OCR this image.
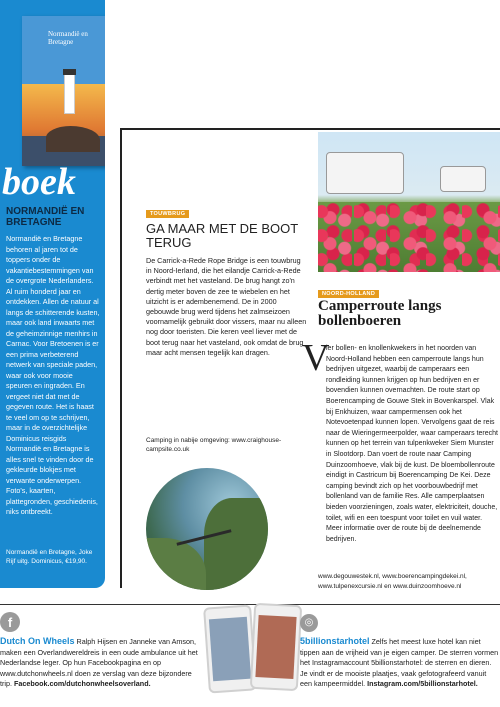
Normandië en Bretagne
boek
NORMANDIË EN BRETAGNE
Normandië en Bretagne behoren al jaren tot de toppers onder de vakantiebestemmingen van de overgrote Nederlanders. Al ruim honderd jaar en ontdekken. Allen de natuur al langs de schitterende kusten, maar ook land inwaarts met de geheimzinnige menhirs in Carnac. Voor Bretoenen is er een prima verbeterend netwerk van speciale paden, waar ook voor mooie speuren en ingraden. En vergeet niet dat met de gegeven route. Het is haast te veel om op te schrijven, maar in de overzichtelijke Dominicus reisgids Normandië en Bretagne is alles snel te vinden door de gekleurde blokjes met verwante onderwerpen. Foto's, kaarten, plattegronden, geschiedenis, niks ontbreekt.
Normandië en Bretagne, Joke Rijf uitg. Dominicus, €19,90.
TOUWBRUG
GA MAAR MET DE BOOT TERUG
De Carrick-a-Rede Rope Bridge is een touwbrug in Noord-Ierland, die het eilandje Carrick-a-Rede verbindt met het vasteland. De brug hangt zo'n dertig meter boven de zee te wiebelen en het uitzicht is er adembenemend. De in 2000 gebouwde brug werd tijdens het zalmseizoen voornamelijk gebruikt door vissers, maar nu alleen nog door toeristen. Die keren veel liever met de boot terug naar het vasteland, ook omdat de brug maar acht mensen tegelijk kan dragen.
Camping in nabije omgeving: www.craighouse-campsite.co.uk
NOORD-HOLLAND
Camperroute langs bollenboeren
V
ier bollen- en knollenkwekers in het noorden van Noord-Holland hebben een camperroute langs hun bedrijven uitgezet, waarbij de camperaars een rondleiding kunnen krijgen op hun bedrijven en er bovendien kunnen overnachten. De route start op Boerencamping de Gouwe Stek in Bovenkarspel. Vlak bij Enkhuizen, waar campermensen ook het Notevoetenpad kunnen lopen. Vervolgens gaat de reis naar de Wieringermeerpolder, waar camperaars terecht kunnen op het terrein van tulpenkweker Siem Munster in Slootdorp. Dan voert de route naar Camping Duinzoomhoeve, vlak bij de kust. De bloembollenroute eindigt in Castricum bij Boerencamping De Kei. Deze camping bevindt zich op het voorbouwbedrijf met bollenland van de familie Res. Alle camperplaatsen bieden voorzieningen, zoals water, elektriciteit, douche, toilet, wifi en een toespunt voor toilet en vuil water. Meer informatie over de route bij de deelnemende bedrijven.
www.degouwestek.nl, www.boerencampingdekei.nl, www.tulpenexcursie.nl en www.duinzoomhoeve.nl
f
Dutch On Wheels Ralph Hijsen en Janneke van Amson, maken een Overlandwereldreis in een oude ambulance uit het Nederlandse leger. Op hun Facebookpagina en op www.dutchonwheels.nl doen ze verslag van deze bijzondere trip. Facebook.com/dutchonwheelsoverland.
◎
5billionstarhotel Zelfs het meest luxe hotel kan niet tippen aan de vrijheid van je eigen camper. De sterren vormen het Instagramaccount 5billionstarhotel: de sterren en dieren. Je vindt er de mooiste plaatjes, vaak gefotografeerd vanuit een kampeermiddel. Instagram.com/5billionstarhotel.
